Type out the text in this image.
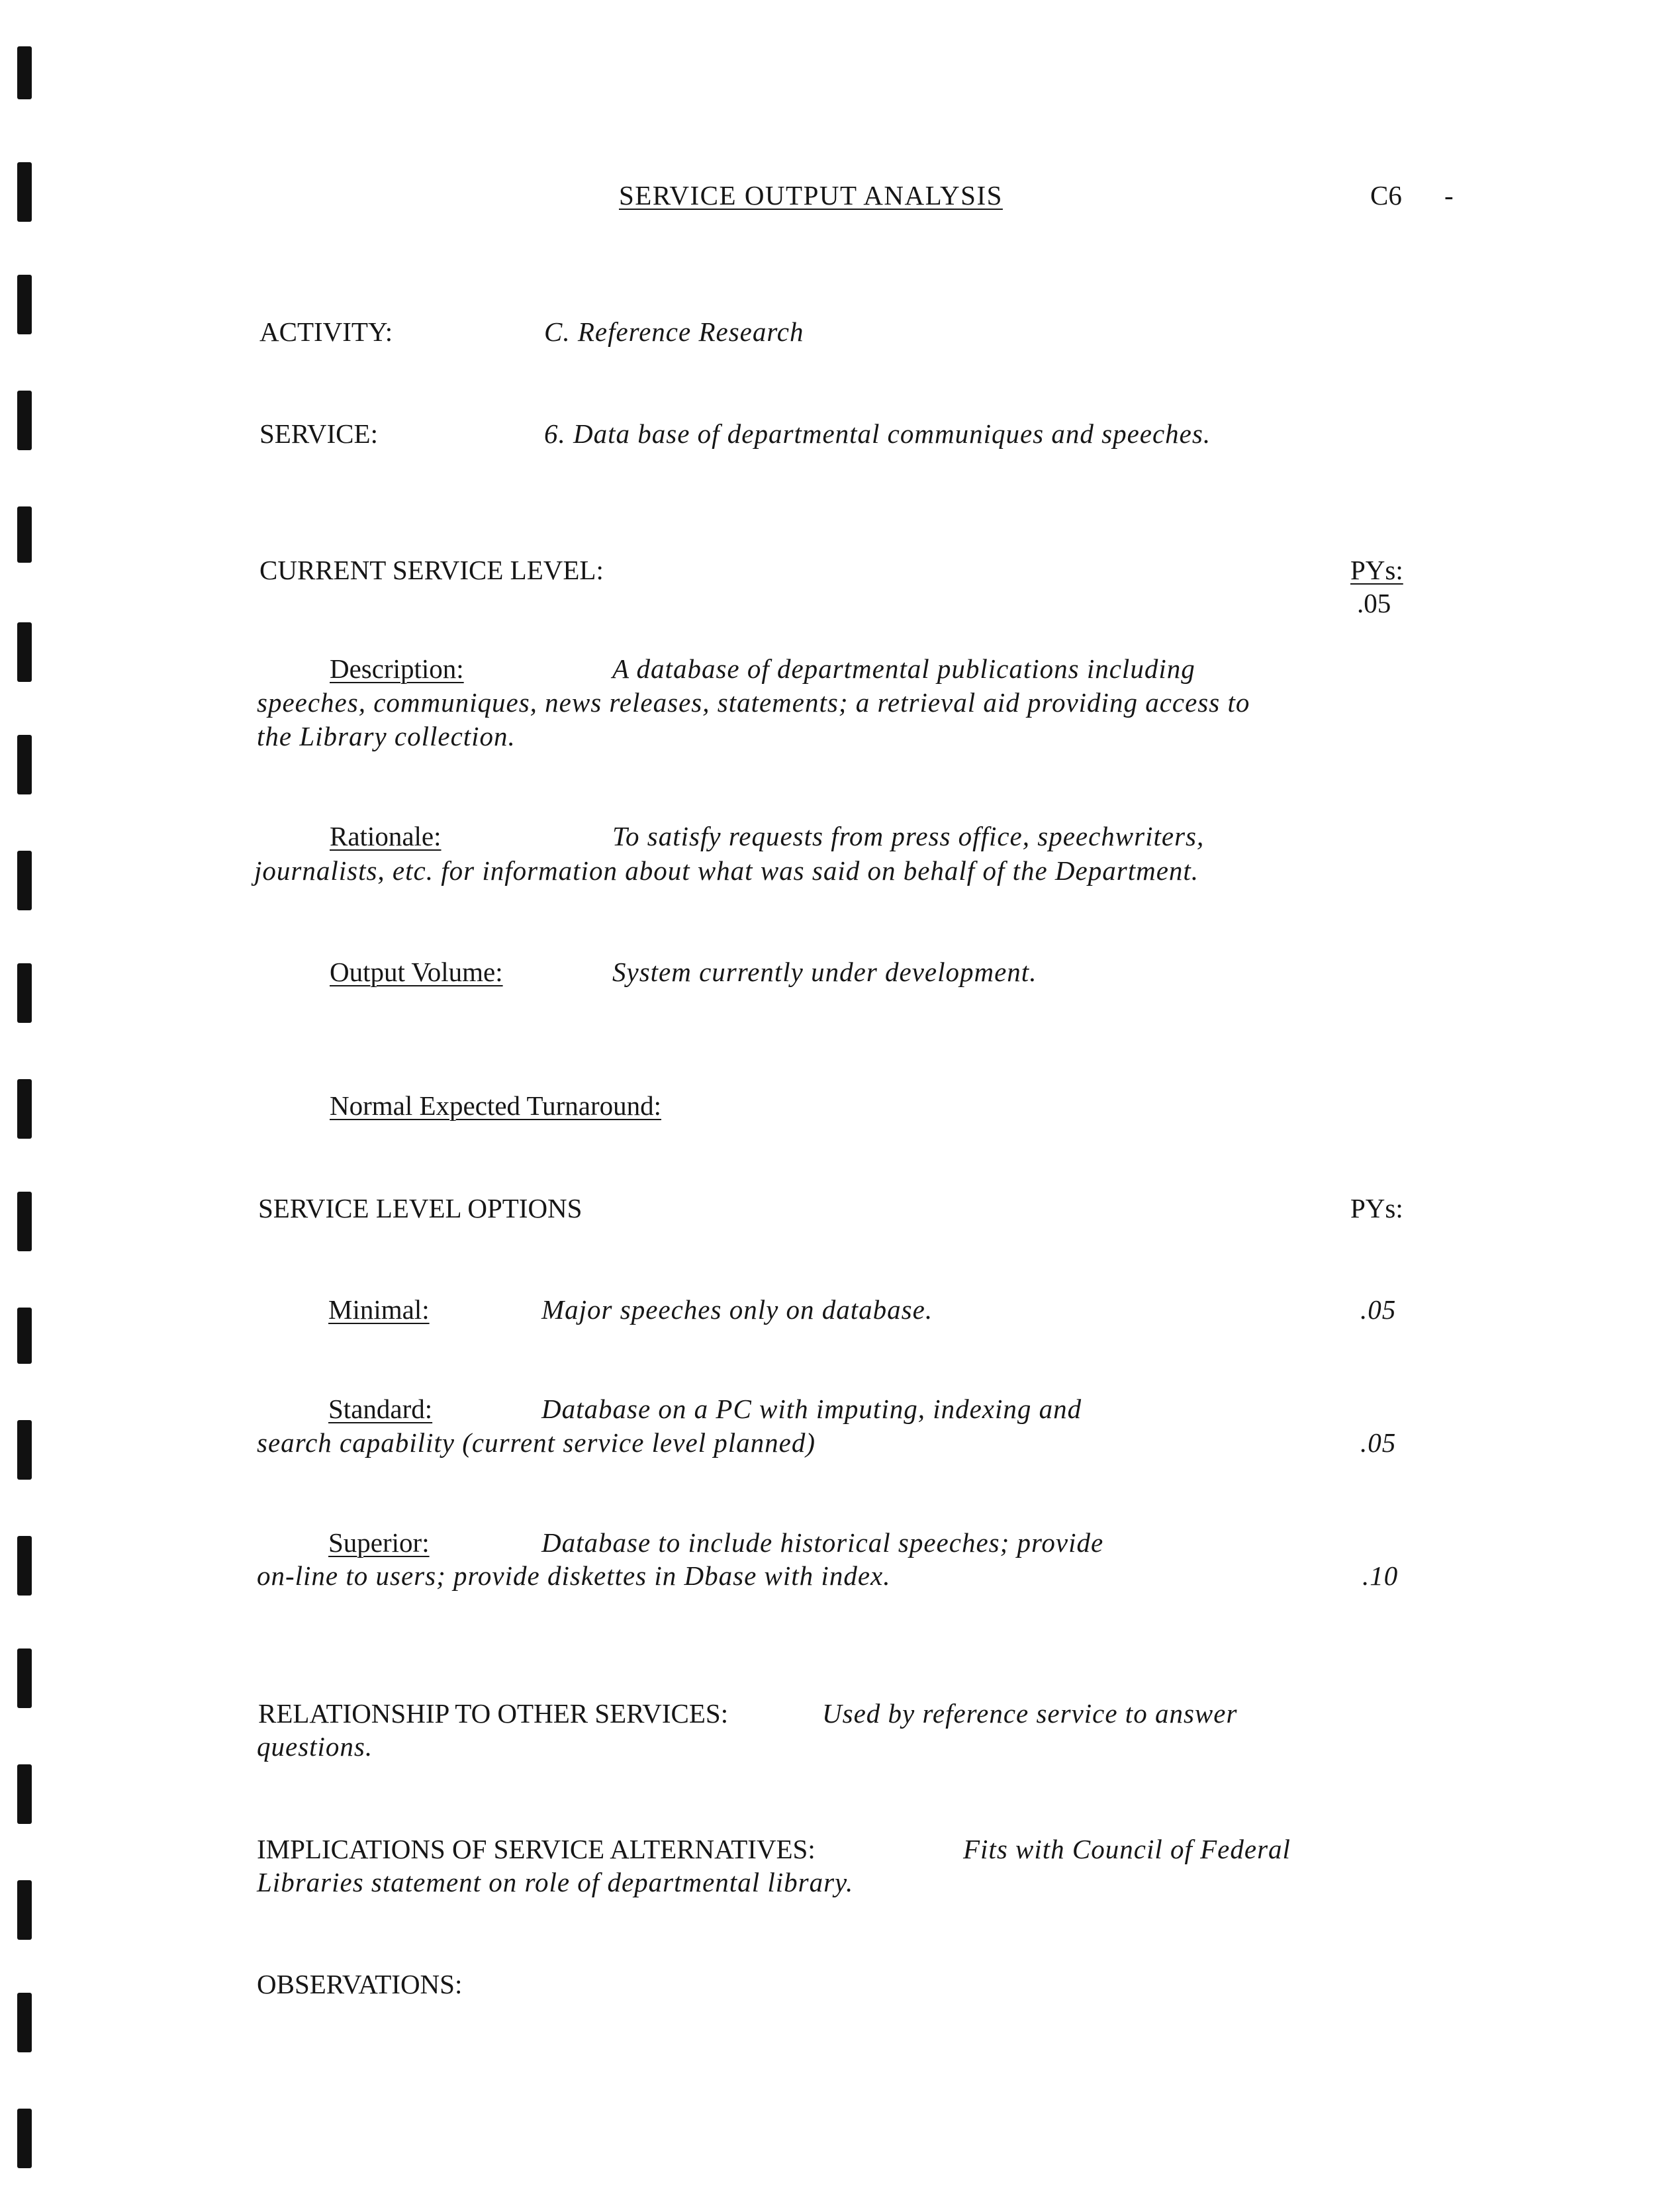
SERVICE OUTPUT ANALYSIS	C6 -
ACTIVITY:	C. Reference Research
SERVICE:	6. Data base of departmental communiques and speeches.
CURRENT SERVICE LEVEL:	PYs:
.05
Description:	A database of departmental publications including
speeches, communiques, news releases, statements; a retrieval aid providing access to
the Library collection.
Rationale:	To satisfy requests from press office, speechwriters,
journalists, etc. for information about what was said on behalf of the Department.
Output Volume:	System currently under development.
Normal Expected Turnaround:
SERVICE LEVEL OPTIONS	PYs:
Minimal:	Major speeches only on database.	.05
Standard:	Database on a PC with imputing, indexing and
search capability (current service level planned)	.05
Superior:	Database to include historical speeches; provide
on-line to users; provide diskettes in Dbase with index.	.10
RELATIONSHIP TO OTHER SERVICES:	Used by reference service to answer
questions.
IMPLICATIONS OF SERVICE ALTERNATIVES:	Fits with Council of Federal
Libraries statement on role of departmental library.
OBSERVATIONS:
